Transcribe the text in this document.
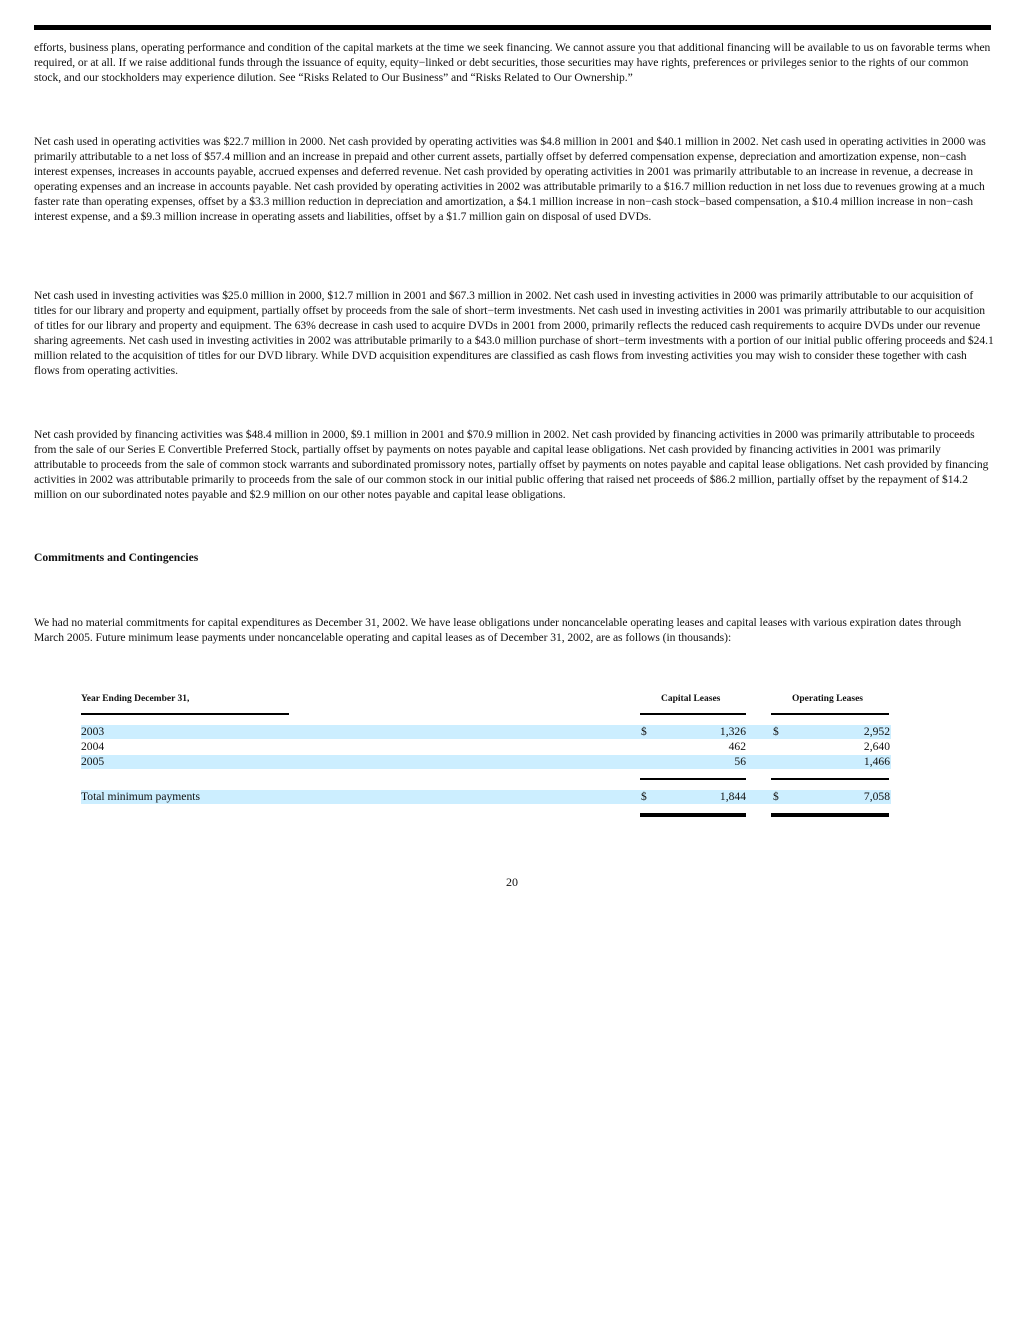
efforts, business plans, operating performance and condition of the capital markets at the time we seek financing. We cannot assure you that additional financing will be available to us on favorable terms when required, or at all. If we raise additional funds through the issuance of equity, equity−linked or debt securities, those securities may have rights, preferences or privileges senior to the rights of our common stock, and our stockholders may experience dilution. See “Risks Related to Our Business” and “Risks Related to Our Ownership.”

Net cash used in operating activities was $22.7 million in 2000. Net cash provided by operating activities was $4.8 million in 2001 and $40.1 million in 2002. Net cash used in operating activities in 2000 was primarily attributable to a net loss of $57.4 million and an increase in prepaid and other current assets, partially offset by deferred compensation expense, depreciation and amortization expense, non−cash interest expenses, increases in accounts payable, accrued expenses and deferred revenue. Net cash provided by operating activities in 2001 was primarily attributable to an increase in revenue, a decrease in operating expenses and an increase in accounts payable. Net cash provided by operating activities in 2002 was attributable primarily to a $16.7 million reduction in net loss due to revenues growing at a much faster rate than operating expenses, offset by a $3.3 million reduction in depreciation and amortization, a $4.1 million increase in non−cash stock−based compensation, a $10.4 million increase in non−cash interest expense, and a $9.3 million increase in operating assets and liabilities, offset by a $1.7 million gain on disposal of used DVDs.

Net cash used in investing activities was $25.0 million in 2000, $12.7 million in 2001 and $67.3 million in 2002. Net cash used in investing activities in 2000 was primarily attributable to our acquisition of titles for our library and property and equipment, partially offset by proceeds from the sale of short−term investments. Net cash used in investing activities in 2001 was primarily attributable to our acquisition of titles for our library and property and equipment. The 63% decrease in cash used to acquire DVDs in 2001 from 2000, primarily reflects the reduced cash requirements to acquire DVDs under our revenue sharing agreements. Net cash used in investing activities in 2002 was attributable primarily to a $43.0 million purchase of short−term investments with a portion of our initial public offering proceeds and $24.1 million related to the acquisition of titles for our DVD library. While DVD acquisition expenditures are classified as cash flows from investing activities you may wish to consider these together with cash flows from operating activities.

Net cash provided by financing activities was $48.4 million in 2000, $9.1 million in 2001 and $70.9 million in 2002. Net cash provided by financing activities in 2000 was primarily attributable to proceeds from the sale of our Series E Convertible Preferred Stock, partially offset by payments on notes payable and capital lease obligations. Net cash provided by financing activities in 2001 was primarily attributable to proceeds from the sale of common stock warrants and subordinated promissory notes, partially offset by payments on notes payable and capital lease obligations. Net cash provided by financing activities in 2002 was attributable primarily to proceeds from the sale of our common stock in our initial public offering that raised net proceeds of $86.2 million, partially offset by the repayment of $14.2 million on our subordinated notes payable and $2.9 million on our other notes payable and capital lease obligations.

Commitments and Contingencies

We had no material commitments for capital expenditures as December 31, 2002. We have lease obligations under noncancelable operating leases and capital leases with various expiration dates through March 2005. Future minimum lease payments under noncancelable operating and capital leases as of December 31, 2002, are as follows (in thousands):

Year Ending December 31,	Capital Leases	Operating Leases
2003	$	1,326 $	2,952
2004	462	2,640
2005	56	1,466
Total minimum payments	$	1,844 $	7,058
20
